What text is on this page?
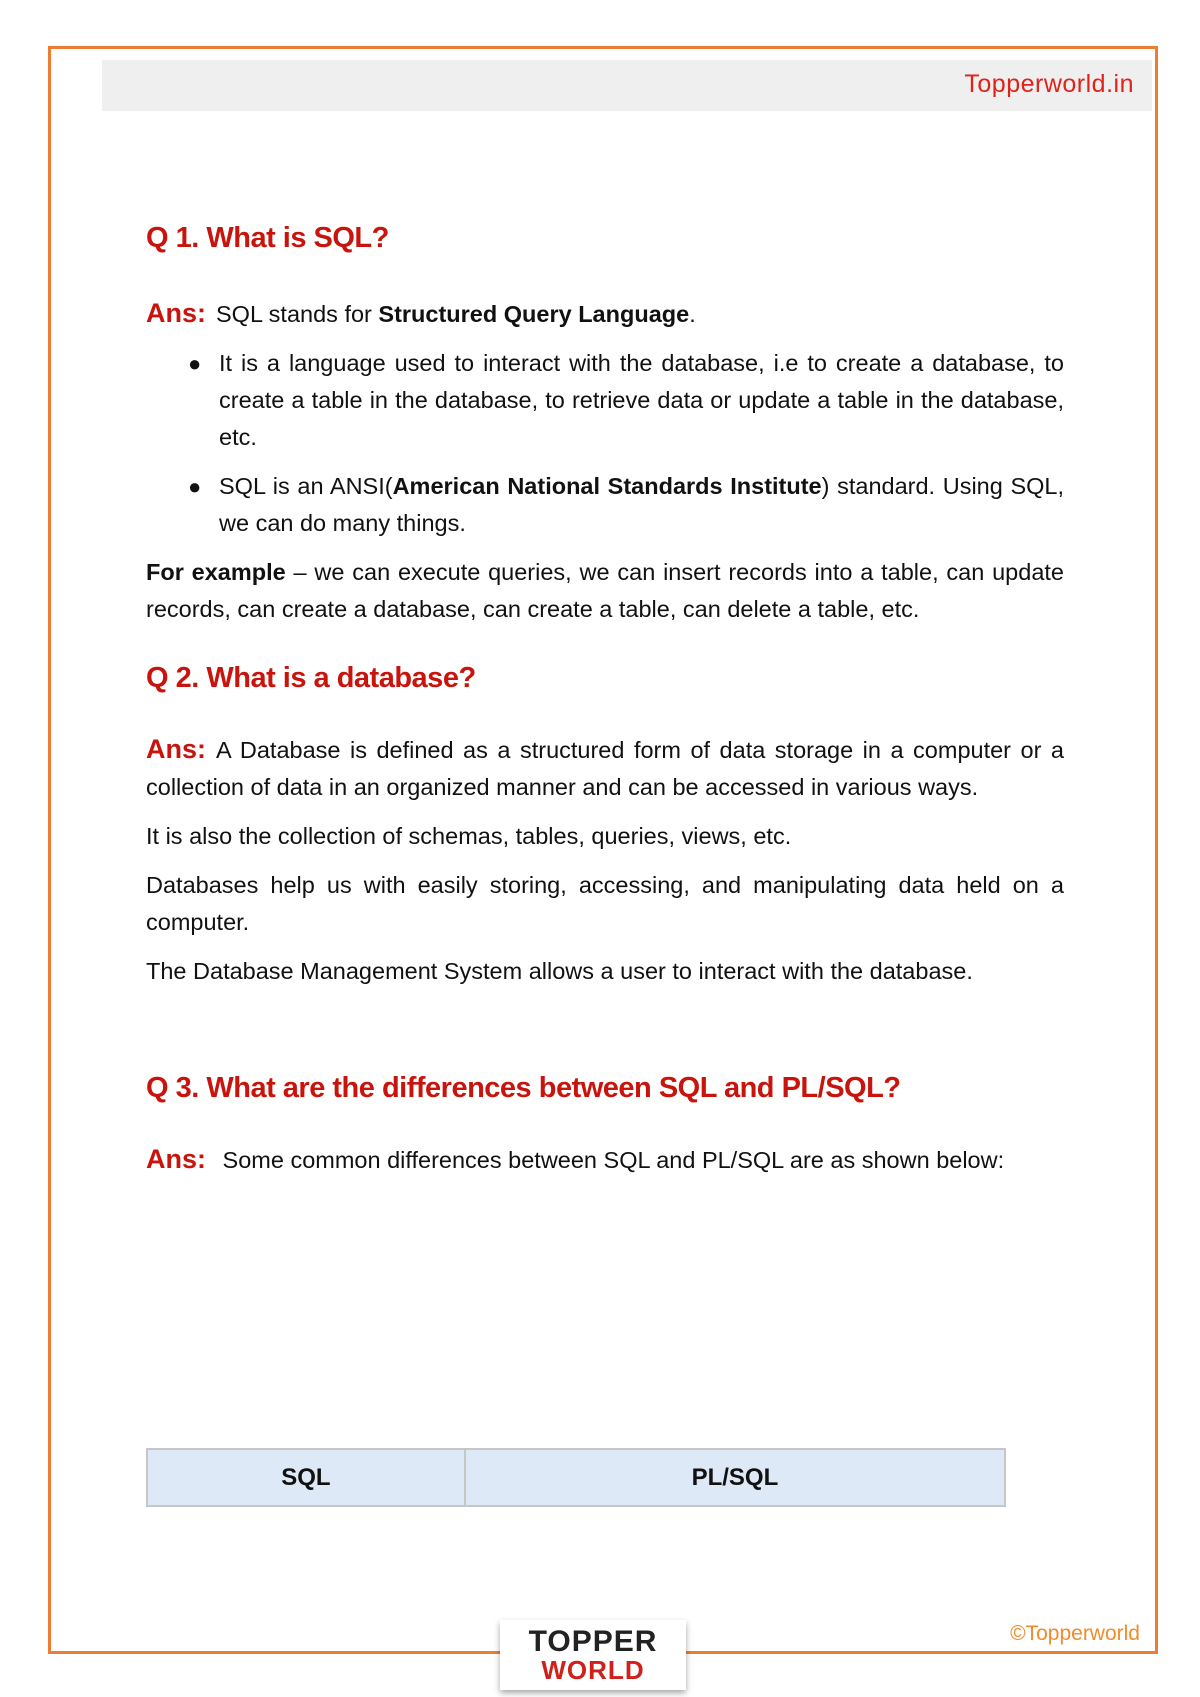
Topperworld.in
Q 1. What is SQL?

Ans: SQL stands for Structured Query Language.

● It is a language used to interact with the database, i.e to create a database, to create a table in the database, to retrieve data or update a table in the database, etc.
● SQL is an ANSI(American National Standards Institute) standard. Using SQL, we can do many things.

For example – we can execute queries, we can insert records into a table, can update records, can create a database, can create a table, can delete a table, etc.

Q 2. What is a database?

Ans: A Database is defined as a structured form of data storage in a computer or a collection of data in an organized manner and can be accessed in various ways.

It is also the collection of schemas, tables, queries, views, etc.

Databases help us with easily storing, accessing, and manipulating data held on a computer.

The Database Management System allows a user to interact with the database.

Q 3. What are the differences between SQL and PL/SQL?

Ans: Some common differences between SQL and PL/SQL are as shown below:

SQL	PL/SQL
©Topperworld
TOPPER
WORLD
